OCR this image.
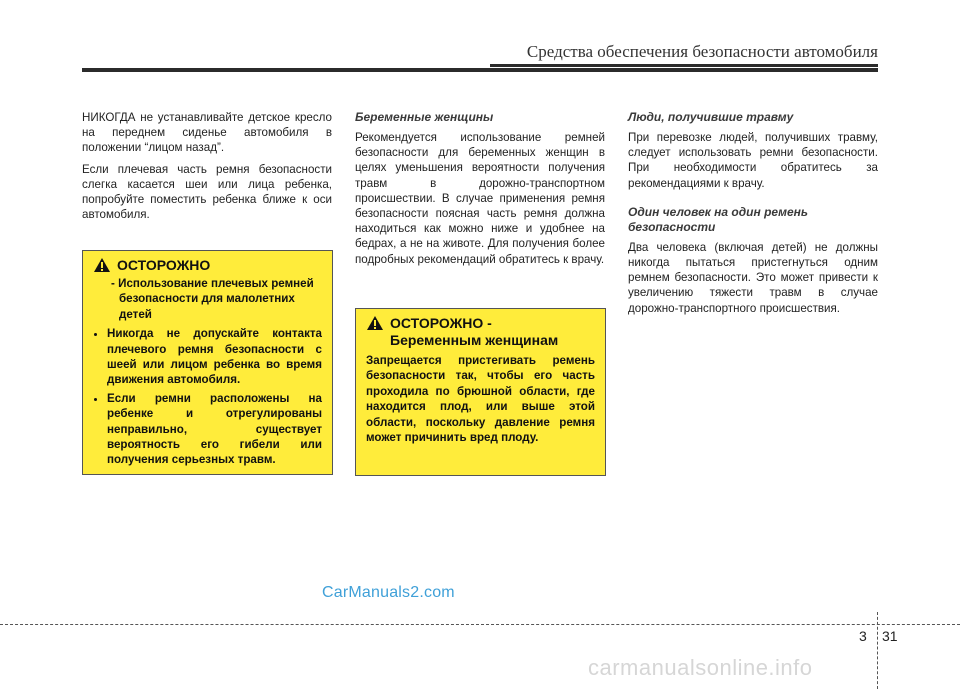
Средства обеспечения безопасности автомобиля

НИКОГДА не устанавливайте детское кресло на переднем сиденье автомобиля в положении “лицом назад”.

Если плечевая часть ремня безопасности слегка касается шеи или лица ребенка, попробуйте поместить ребенка ближе к оси автомобиля.

ОСТОРОЖНО
- Использование плечевых ремней безопасности для малолетних детей
• Никогда не допускайте контакта плечевого ремня безопасности с шеей или лицом ребенка во время движения автомобиля.
• Если ремни расположены на ребенке и отрегулированы неправильно, существует вероятность его гибели или получения серьезных травм.
Беременные женщины

Рекомендуется использование ремней безопасности для беременных женщин в целях уменьшения вероятности получения травм в дорожно-транспортном происшествии. В случае применения ремня безопасности поясная часть ремня должна находиться как можно ниже и удобнее на бедрах, а не на животе. Для получения более подробных рекомендаций обратитесь к врачу.

ОСТОРОЖНО -
Беременным женщинам
Запрещается пристегивать ремень безопасности так, чтобы его часть проходила по брюшной области, где находится плод, или выше этой области, поскольку давление ремня может причинить вред плоду.
Люди, получившие травму

При перевозке людей, получивших травму, следует использовать ремни безопасности. При необходимости обратитесь за рекомендациями к врачу.

Один человек на один ремень безопасности

Два человека (включая детей) не должны никогда пытаться пристегнуться одним ремнем безопасности. Это может привести к увеличению тяжести травм в случае дорожно-транспортного происшествия.

CarManuals2.com
3 31
carmanualsonline.info
